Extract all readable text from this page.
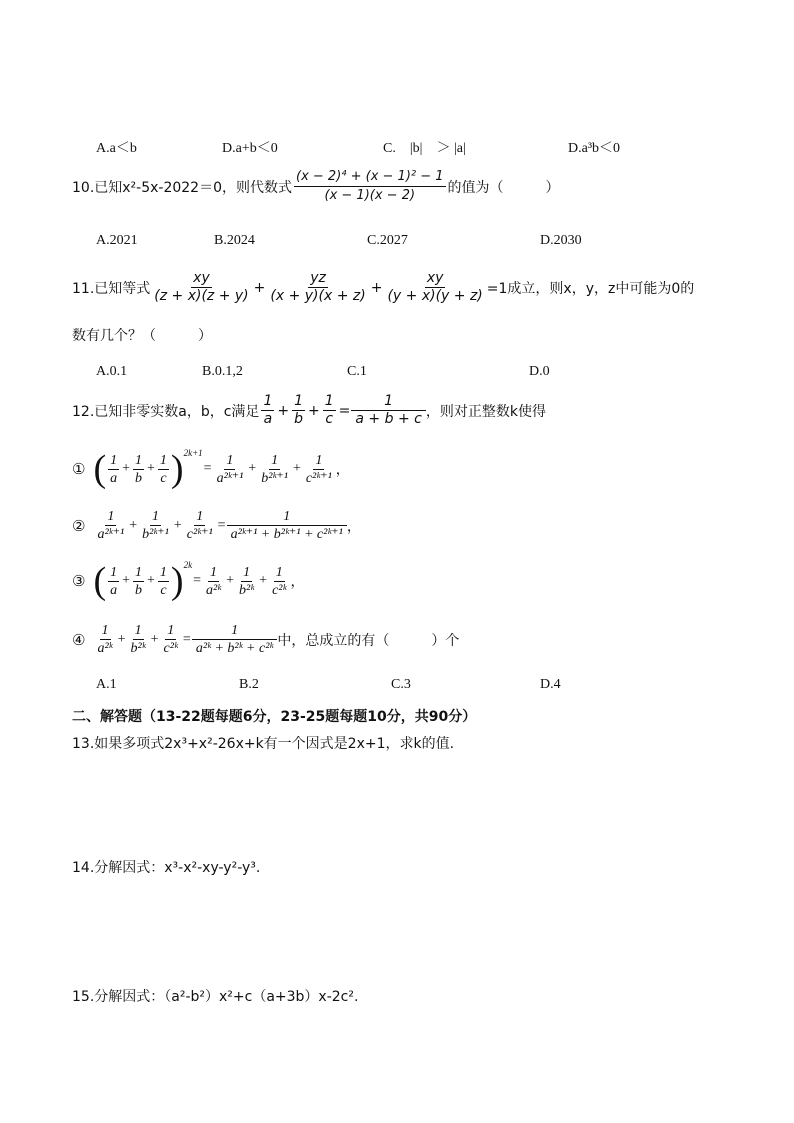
A.a＜b	D.a+b＜0	C.　|b|　＞ |a|	D.a³b＜0
10.已知x²-5x-2022＝0，则代数式 $\frac{\text{(x − 2)⁴ + (x − 1)² − 1}}{(x - 1)(x - 2)}$ 的值为（　　　）
A.2021	B.2024	C.2027	D.2030
11.已知等式
xy
(z + x)(z + y)
+ $\frac{yz}{(x + y)(x + z)} + \frac{xy}{(y + x)(y + z)} =1$成立，则x，y，z中可能为0的
数有几个？（　　　）
A.0.1	B.0.1,2	C.1	D.0
12.已知非零实数a，b，c满足
1
a
+ $\frac{1}{b} + \frac{1}{c} = \frac{1}{a + b + c}$ ，则对正整数k使得
① ( 1
a
+ $\frac{1}{b} + \frac{1}{c}$ ) 2k+1
= $\frac{1}{\text{a²ᵏ⁺¹}} + \frac{1}{\text{b²ᵏ⁺¹}} + \frac{1}{\text{c²ᵏ⁺¹}}$ ，
② 1
a²ᵏ⁺¹
+ $\frac{1}{\text{b²ᵏ⁺¹}} + \frac{1}{\text{c²ᵏ⁺¹}} = \frac{1}{\text{a²ᵏ⁺¹ + b²ᵏ⁺¹ + c²ᵏ⁺¹}}$ ，
③ ( 1
a
+ $\frac{1}{b} + \frac{1}{c}$ ) 2k
= $\frac{1}{\text{a²ᵏ}} + \frac{1}{\text{b²ᵏ}} + \frac{1}{\text{c²ᵏ}}$ ，
④ 1
a²ᵏ
+ $\frac{1}{\text{b²ᵏ}} + \frac{1}{\text{c²ᵏ}} = \frac{1}{\text{a²ᵏ + b²ᵏ + c²ᵏ}}$ 中，总成立的有（　　　）个
A.1	B.2	C.3	D.4
二、解答题（13-22题每题6分，23-25题每题10分，共90分）
13.如果多项式2x³+x²-26x+k有一个因式是2x+1，求k的值.
14.分解因式：x³-x²-xy-y²-y³.
15.分解因式：（a²-b²）x²+c（a+3b）x-2c².
